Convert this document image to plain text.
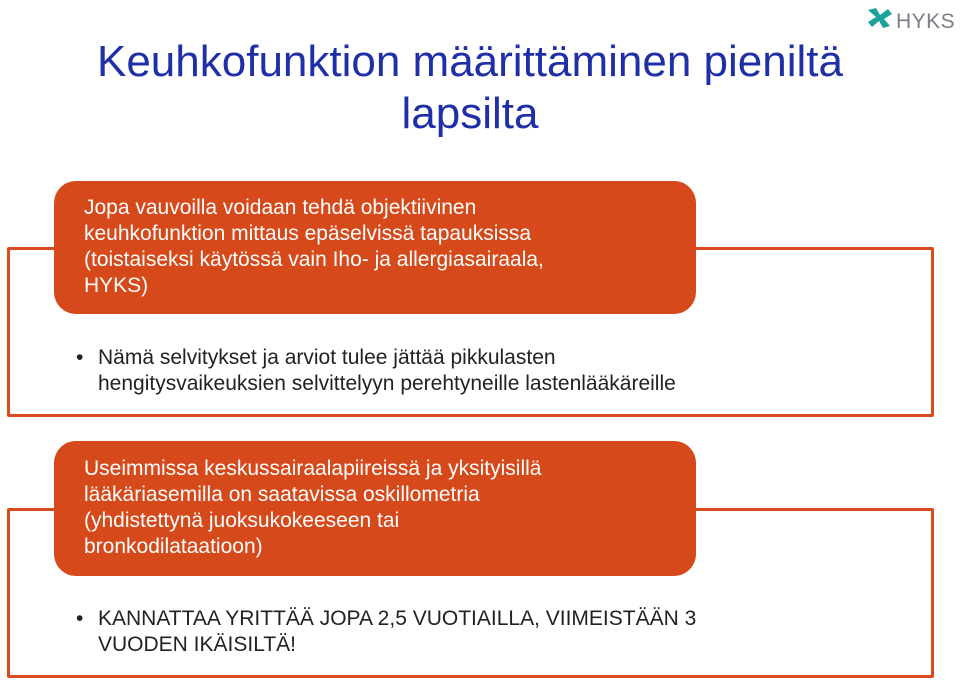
Keuhkofunktion määrittäminen pieniltä lapsilta
HYKS
Jopa vauvoilla voidaan tehdä objektiivinen
keuhkofunktion mittaus epäselvissä tapauksissa
(toistaiseksi käytössä vain Iho- ja allergiasairaala,
HYKS)
• Nämä selvitykset ja arviot tulee jättää pikkulasten
hengitysvaikeuksien selvittelyyn perehtyneille lastenlääkäreille
Useimmissa keskussairaalapiireissä ja yksityisillä
lääkäriasemilla on saatavissa oskillometria
(yhdistettynä juoksukokeeseen tai
bronkodilataatioon)
• KANNATTAA YRITTÄÄ JOPA 2,5 VUOTIAILLA, VIIMEISTÄÄN 3
VUODEN IKÄISILTÄ!
